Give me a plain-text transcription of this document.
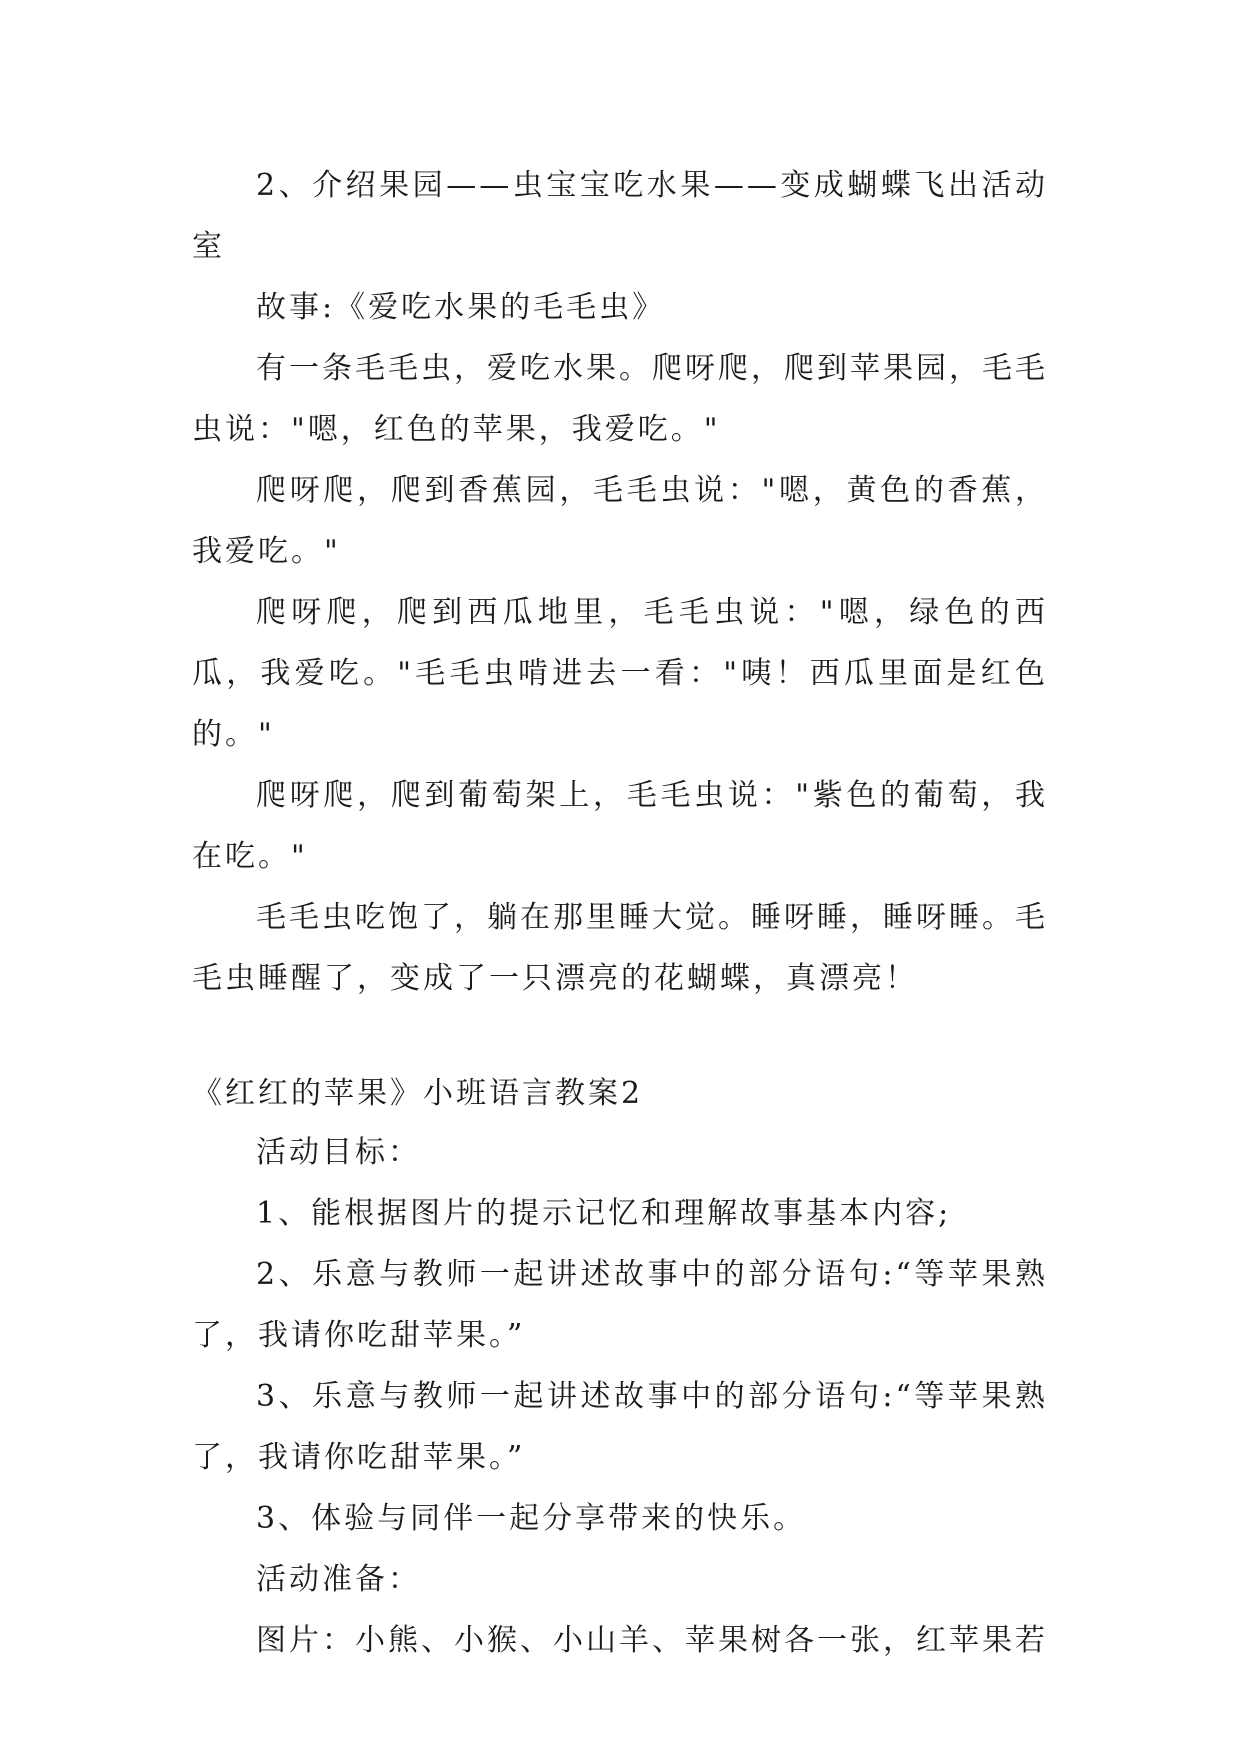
2、介绍果园——虫宝宝吃水果——变成蝴蝶飞出活动室

故事:《爱吃水果的毛毛虫》

有一条毛毛虫，爱吃水果。爬呀爬，爬到苹果园，毛毛虫说："嗯，红色的苹果，我爱吃。"

爬呀爬，爬到香蕉园，毛毛虫说："嗯，黄色的香蕉，我爱吃。"

爬呀爬，爬到西瓜地里，毛毛虫说："嗯，绿色的西瓜，我爱吃。"毛毛虫啃进去一看："咦！西瓜里面是红色的。"

爬呀爬，爬到葡萄架上，毛毛虫说："紫色的葡萄，我在吃。"

毛毛虫吃饱了，躺在那里睡大觉。睡呀睡，睡呀睡。毛毛虫睡醒了，变成了一只漂亮的花蝴蝶，真漂亮！

《红红的苹果》小班语言教案2

活动目标：

1、能根据图片的提示记忆和理解故事基本内容;

2、乐意与教师一起讲述故事中的部分语句:“等苹果熟了，我请你吃甜苹果。”

3、乐意与教师一起讲述故事中的部分语句:“等苹果熟了，我请你吃甜苹果。”

3、体验与同伴一起分享带来的快乐。

活动准备：

图片：小熊、小猴、小山羊、苹果树各一张，红苹果若
